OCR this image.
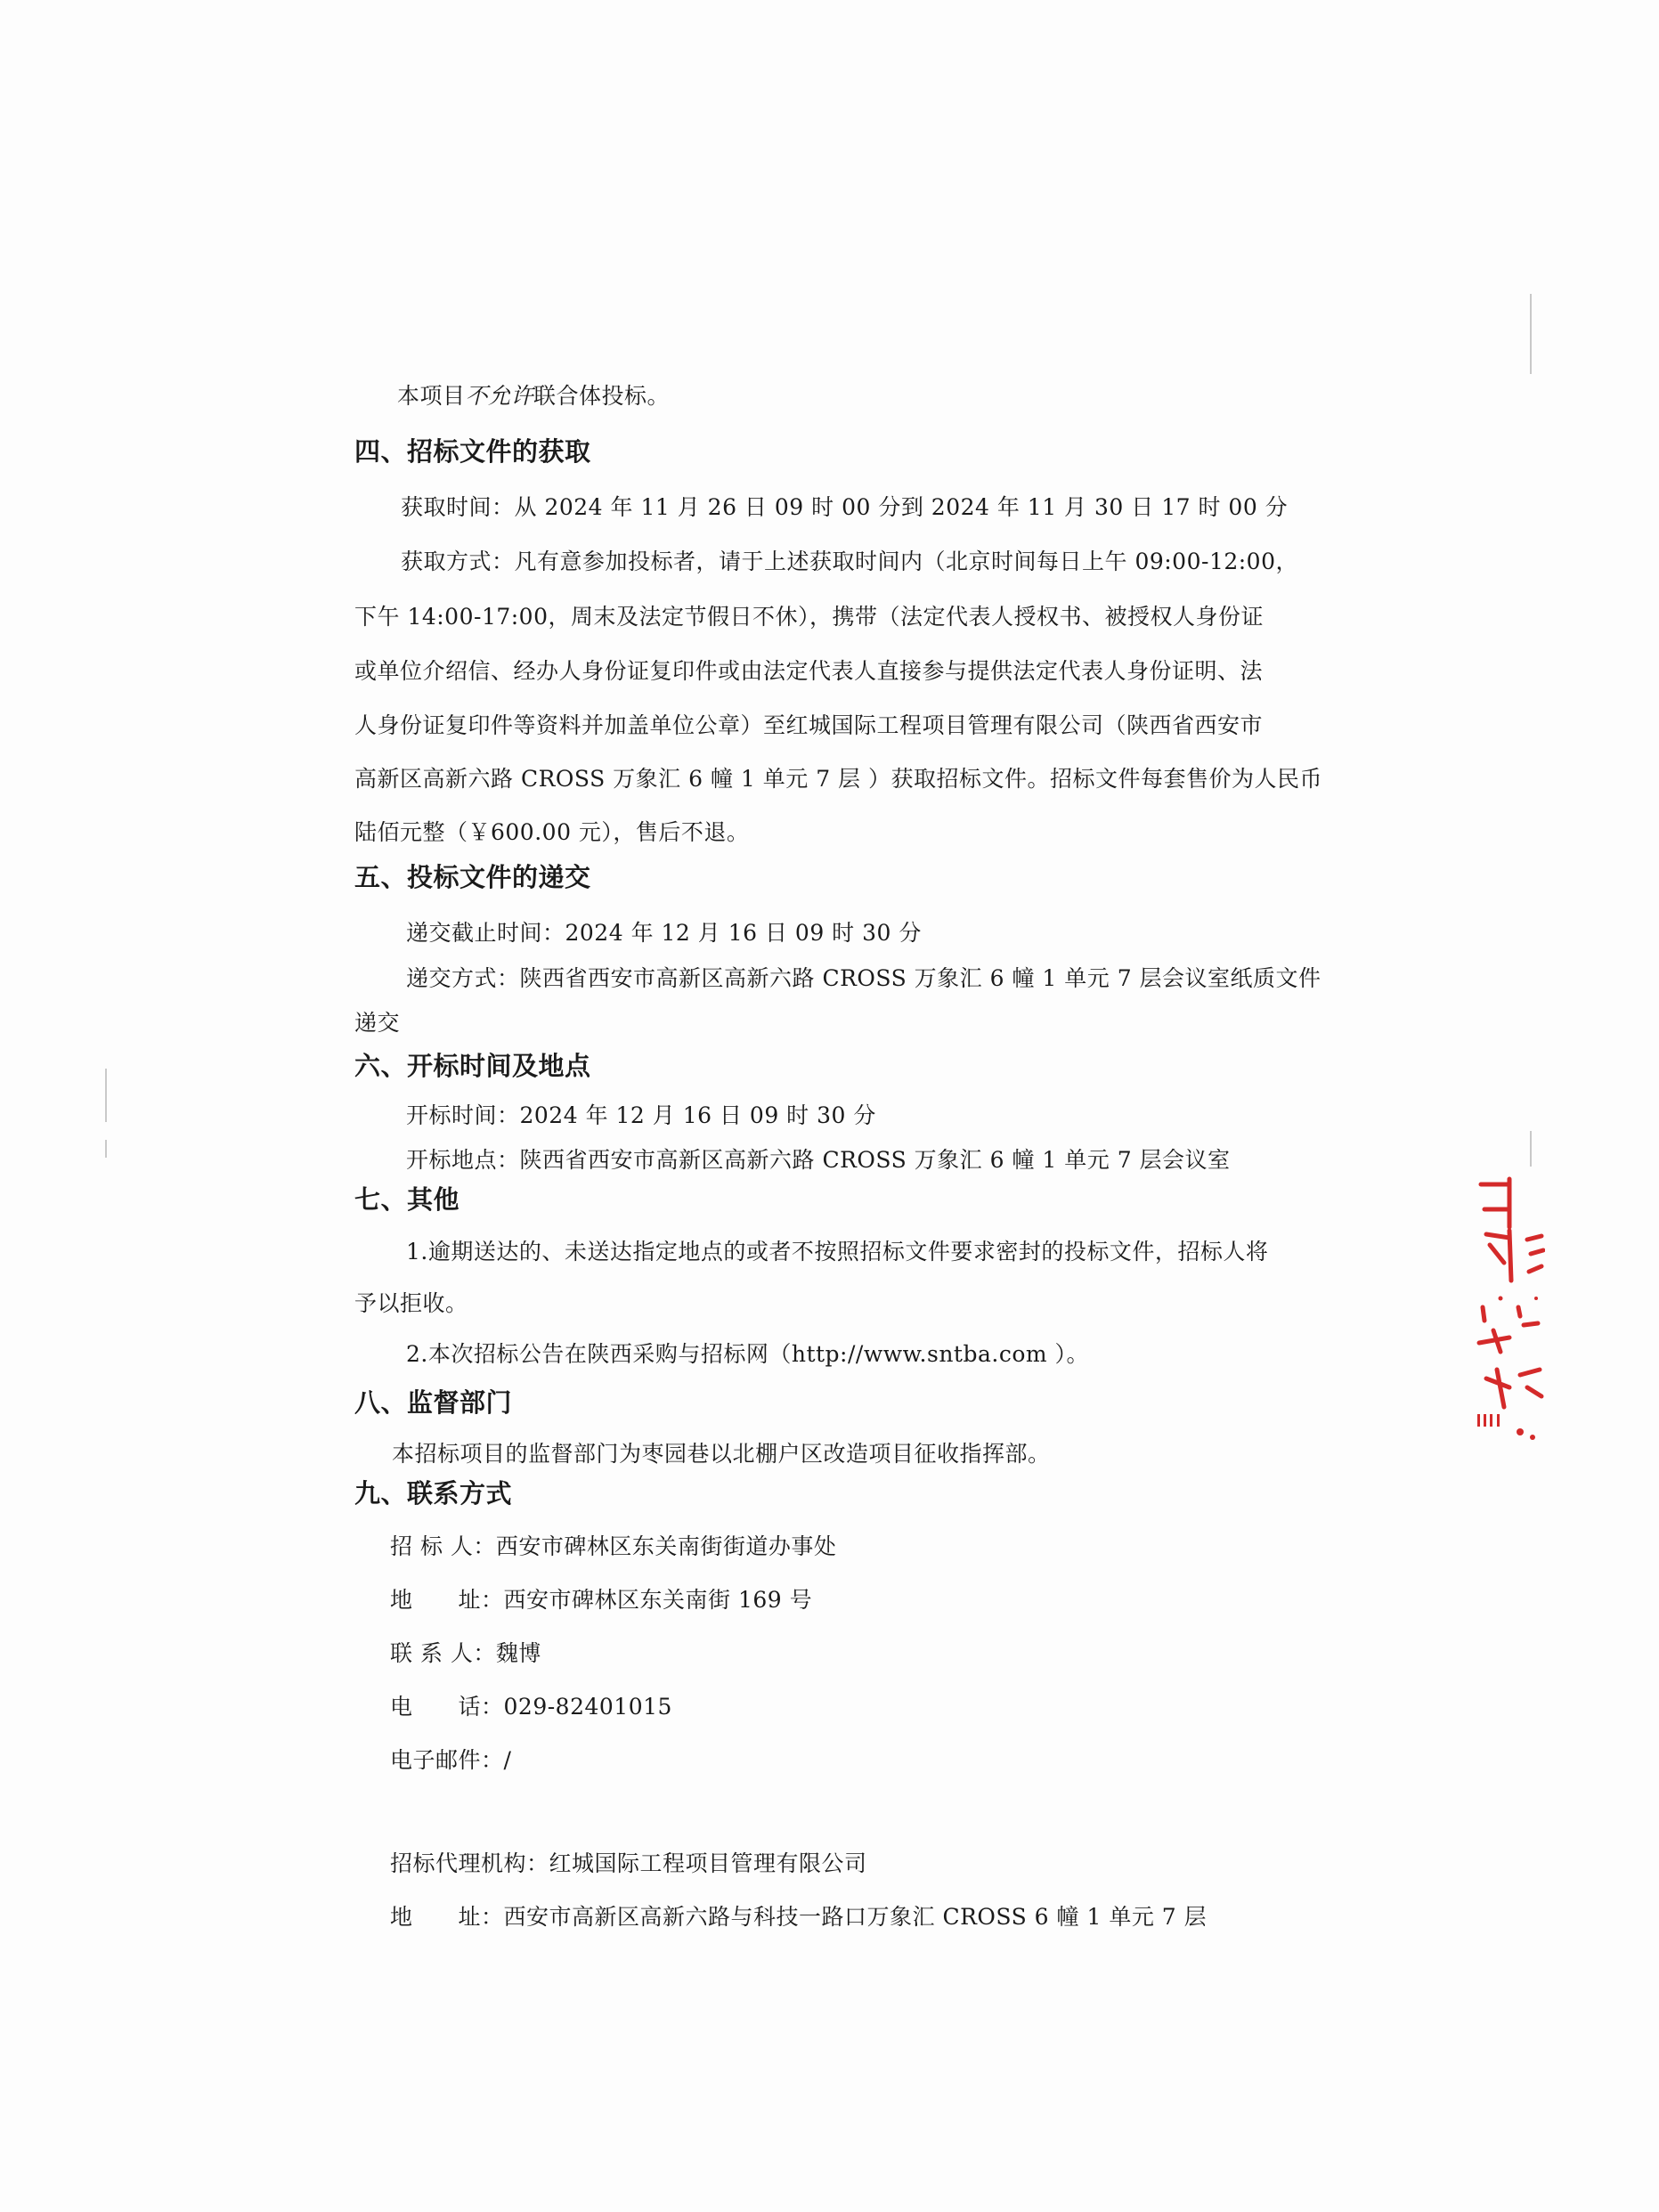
本项目不允许联合体投标。
四、招标文件的获取
获取时间：从 2024 年 11 月 26 日 09 时 00 分到 2024 年 11 月 30 日 17 时 00 分
获取方式：凡有意参加投标者，请于上述获取时间内（北京时间每日上午 09:00-12:00，
下午 14:00-17:00，周末及法定节假日不休），携带（法定代表人授权书、被授权人身份证
或单位介绍信、经办人身份证复印件或由法定代表人直接参与提供法定代表人身份证明、法
人身份证复印件等资料并加盖单位公章）至红城国际工程项目管理有限公司（陕西省西安市
高新区高新六路 CROSS 万象汇 6 幢 1 单元 7 层 ）获取招标文件。招标文件每套售价为人民币
陆佰元整（￥600.00 元），售后不退。
五、投标文件的递交
递交截止时间：2024 年 12 月 16 日 09 时 30 分
递交方式：陕西省西安市高新区高新六路 CROSS 万象汇 6 幢 1 单元 7 层会议室纸质文件
递交
六、开标时间及地点
开标时间：2024 年 12 月 16 日 09 时 30 分
开标地点：陕西省西安市高新区高新六路 CROSS 万象汇 6 幢 1 单元 7 层会议室
七、其他
1.逾期送达的、未送达指定地点的或者不按照招标文件要求密封的投标文件，招标人将
予以拒收。
2.本次招标公告在陕西采购与招标网（http://www.sntba.com ）。
八、监督部门
本招标项目的监督部门为枣园巷以北棚户区改造项目征收指挥部。
九、联系方式
招 标 人：西安市碑林区东关南街街道办事处
地　　址：西安市碑林区东关南街 169 号
联 系 人：魏博
电　　话：029-82401015
电子邮件：/
招标代理机构：红城国际工程项目管理有限公司
地　　址：西安市高新区高新六路与科技一路口万象汇 CROSS 6 幢 1 单元 7 层
